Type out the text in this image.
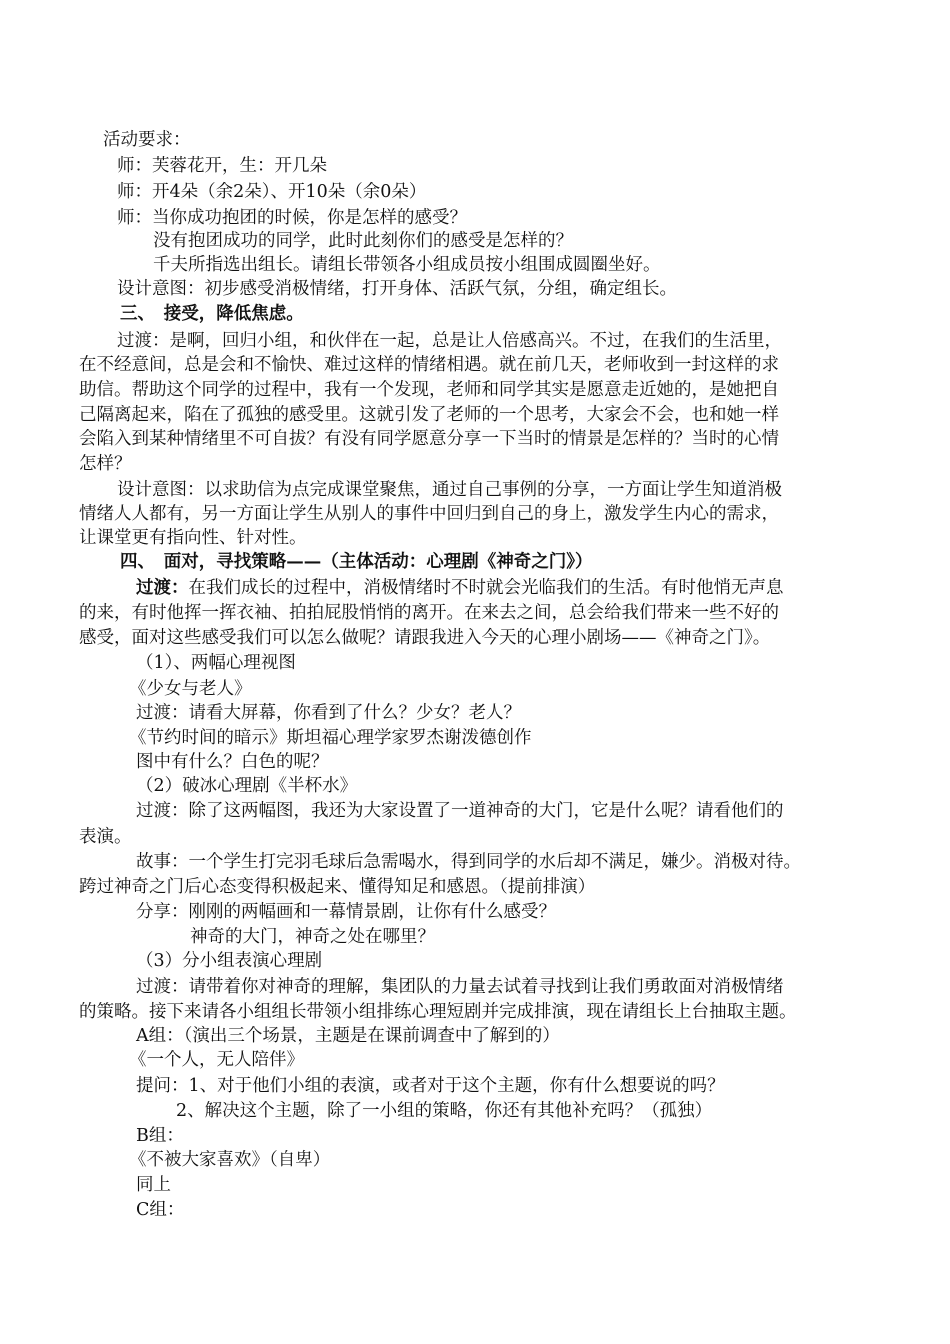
活动要求：
师：芙蓉花开，生：开几朵
师：开4朵（余2朵）、开10朵（余0朵）
师：当你成功抱团的时候，你是怎样的感受？
没有抱团成功的同学，此时此刻你们的感受是怎样的？
千夫所指选出组长。请组长带领各小组成员按小组围成圆圈坐好。
设计意图：初步感受消极情绪，打开身体、活跃气氛，分组，确定组长。
三、　接受，降低焦虑。
过渡：是啊，回归小组，和伙伴在一起，总是让人倍感高兴。不过，在我们的生活里，
在不经意间，总是会和不愉快、难过这样的情绪相遇。就在前几天，老师收到一封这样的求
助信。帮助这个同学的过程中，我有一个发现，老师和同学其实是愿意走近她的，是她把自
己隔离起来，陷在了孤独的感受里。这就引发了老师的一个思考，大家会不会，也和她一样
会陷入到某种情绪里不可自拔？有没有同学愿意分享一下当时的情景是怎样的？当时的心情
怎样？
设计意图：以求助信为点完成课堂聚焦，通过自己事例的分享，一方面让学生知道消极
情绪人人都有，另一方面让学生从别人的事件中回归到自己的身上，激发学生内心的需求，
让课堂更有指向性、针对性。
四、　面对，寻找策略——（主体活动：心理剧《神奇之门》）
过渡：在我们成长的过程中，消极情绪时不时就会光临我们的生活。有时他悄无声息
的来，有时他挥一挥衣袖、拍拍屁股悄悄的离开。在来去之间，总会给我们带来一些不好的
感受，面对这些感受我们可以怎么做呢？请跟我进入今天的心理小剧场——《神奇之门》。
（1）、两幅心理视图
《少女与老人》
过渡：请看大屏幕，你看到了什么？少女？老人？
《节约时间的暗示》斯坦福心理学家罗杰谢泼德创作
图中有什么？白色的呢？
（2）破冰心理剧《半杯水》
过渡：除了这两幅图，我还为大家设置了一道神奇的大门，它是什么呢？请看他们的
表演。
故事：一个学生打完羽毛球后急需喝水，得到同学的水后却不满足，嫌少。消极对待。
跨过神奇之门后心态变得积极起来、懂得知足和感恩。（提前排演）
分享：刚刚的两幅画和一幕情景剧，让你有什么感受？
神奇的大门，神奇之处在哪里？
（3）分小组表演心理剧
过渡：请带着你对神奇的理解，集团队的力量去试着寻找到让我们勇敢面对消极情绪
的策略。接下来请各小组组长带领小组排练心理短剧并完成排演，现在请组长上台抽取主题。
A组：（演出三个场景，主题是在课前调查中了解到的）
《一个人，无人陪伴》
提问：1、对于他们小组的表演，或者对于这个主题，你有什么想要说的吗？
2、解决这个主题，除了一小组的策略，你还有其他补充吗？（孤独）
B组：
《不被大家喜欢》（自卑）
同上
C组：
